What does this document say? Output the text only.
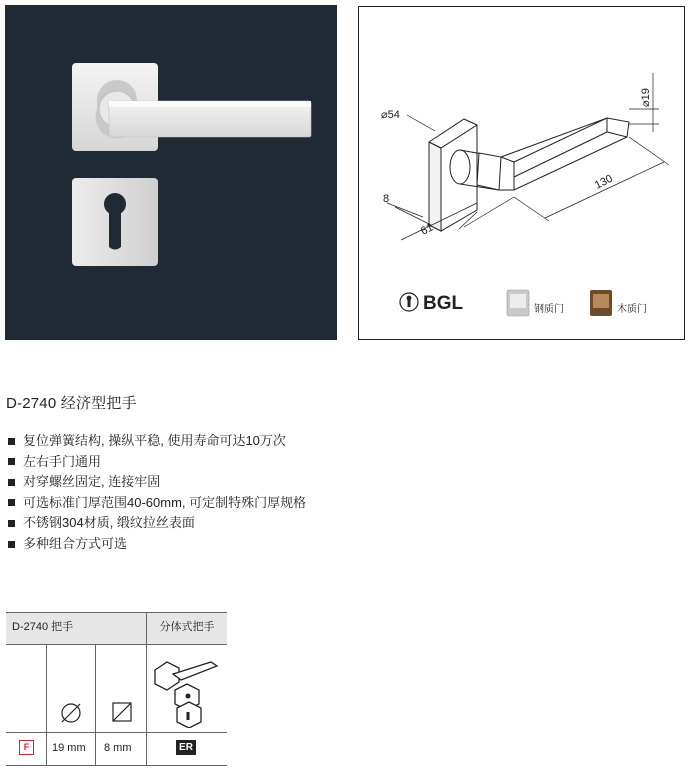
⌀54
⌀19
130
61
8
BGL	钢质门	木质门
D-2740 经济型把手
复位弹簧结构, 操纵平稳, 使用寿命可达10万次
左右手门通用
对穿螺丝固定, 连接牢固
可选标准门厚范围40-60mm, 可定制特殊门厚规格
不锈钢304材质, 缎纹拉丝表面
多种组合方式可选
D-2740 把手	分体式把手
F	19 mm 8 mm	ER
